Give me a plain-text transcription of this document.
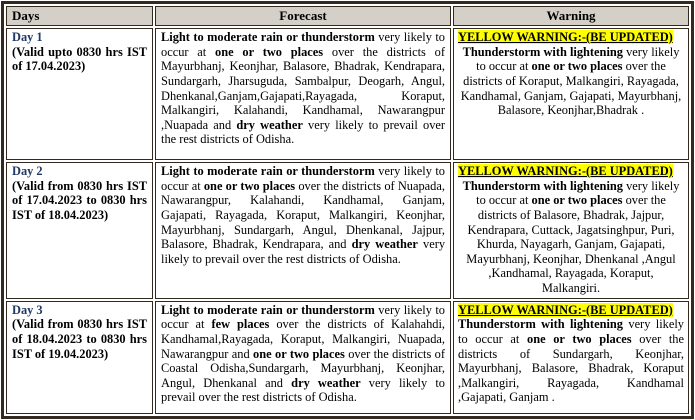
Days	Forecast	Warning

Day 1
(Valid upto 0830 hrs IST of 17.04.2023)
	Light to moderate rain or thunderstorm very likely to occur at one or two places over the districts of Mayurbhanj, Keonjhar, Balasore, Bhadrak, Kendrapara, Sundargarh, Jharsuguda, Sambalpur, Deogarh, Angul, Dhenkanal,Ganjam,Gajapati,Rayagada, Koraput, Malkangiri, Kalahandi, Kandhamal, Nawarangpur ,Nuapada and dry weather very likely to prevail over the rest districts of Odisha.	
YELLOW WARNING:-(BE UPDATED)
Thunderstorm with lightening very likely to occur at one or two places over the districts of Koraput, Malkangiri, Rayagada, Kandhamal, Ganjam, Gajapati, Mayurbhanj, Balasore, Keonjhar,Bhadrak .

Day 2
(Valid from 0830 hrs IST of 17.04.2023 to 0830 hrs IST of 18.04.2023)
	Light to moderate rain or thunderstorm very likely to occur at one or two places over the districts of Nuapada, Nawarangpur, Kalahandi, Kandhamal, Ganjam, Gajapati, Rayagada, Koraput, Malkangiri, Keonjhar, Mayurbhanj, Sundargarh, Angul, Dhenkanal, Jajpur, Balasore, Bhadrak, Kendrapara, and dry weather very likely to prevail over the rest districts of Odisha.	
YELLOW WARNING:-(BE UPDATED)
Thunderstorm with lightening very likely to occur at one or two places over the districts of Balasore, Bhadrak, Jajpur, Kendrapara, Cuttack, Jagatsinghpur, Puri, Khurda, Nayagarh, Ganjam, Gajapati, Mayurbhanj, Keonjhar, Dhenkanal ,Angul ,Kandhamal, Rayagada, Koraput, Malkangiri.

Day 3
(Valid from 0830 hrs IST of 18.04.2023 to 0830 hrs IST of 19.04.2023)
	Light to moderate rain or thunderstorm very likely to occur at few places over the districts of Kalahahdi, Kandhamal,Rayagada, Koraput, Malkangiri, Nuapada, Nawarangpur and one or two places over the districts of Coastal Odisha,Sundargarh, Mayurbhanj, Keonjhar, Angul, Dhenkanal and dry weather very likely to prevail over the rest districts of Odisha.	
YELLOW WARNING:-(BE UPDATED)
Thunderstorm with lightening very likely to occur at one or two places over the districts of Sundargarh, Keonjhar, Mayurbhanj, Balasore, Bhadrak, Koraput ,Malkangiri, Rayagada, Kandhamal ,Gajapati, Ganjam .
